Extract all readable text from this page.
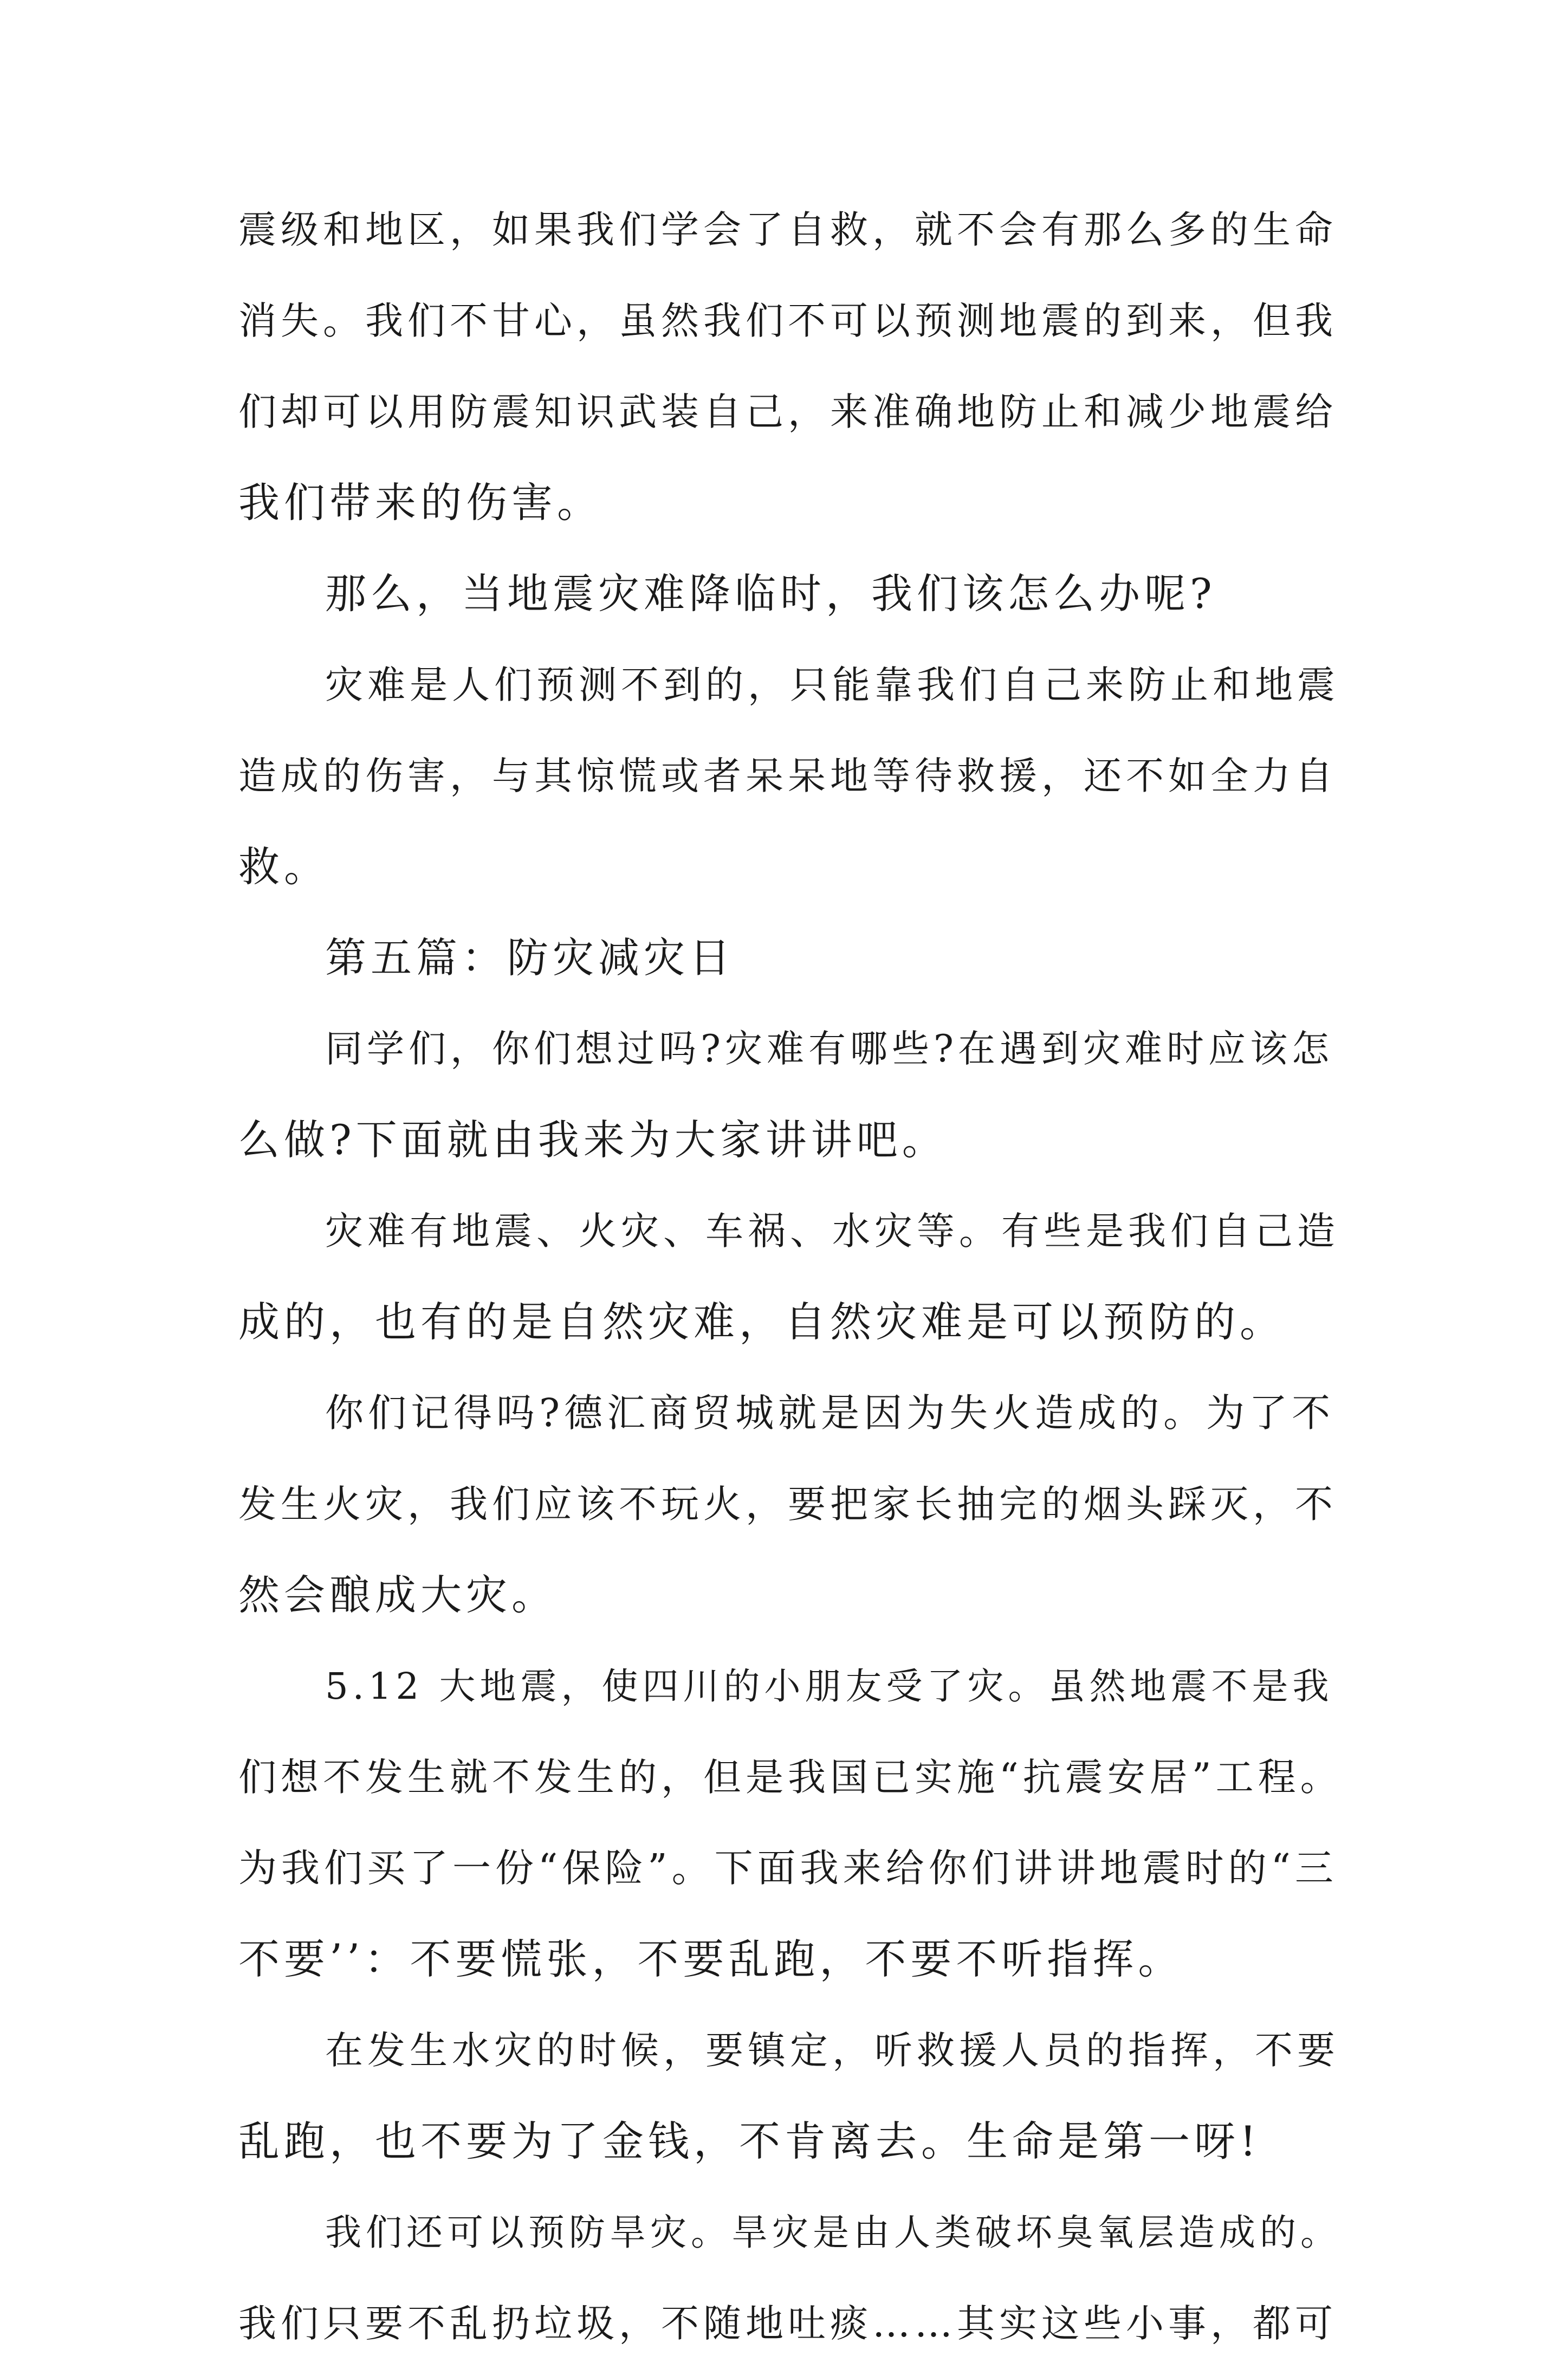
震级和地区，如果我们学会了自救，就不会有那么多的生命
消失。我们不甘心，虽然我们不可以预测地震的到来，但我
们却可以用防震知识武装自己，来准确地防止和减少地震给
我们带来的伤害。
那么，当地震灾难降临时，我们该怎么办呢?
灾难是人们预测不到的，只能靠我们自己来防止和地震
造成的伤害，与其惊慌或者呆呆地等待救援，还不如全力自
救。
第五篇：防灾减灾日
同学们，你们想过吗?灾难有哪些?在遇到灾难时应该怎
么做?下面就由我来为大家讲讲吧。
灾难有地震、火灾、车祸、水灾等。有些是我们自己造
成的，也有的是自然灾难，自然灾难是可以预防的。
你们记得吗?德汇商贸城就是因为失火造成的。为了不
发生火灾，我们应该不玩火，要把家长抽完的烟头踩灭，不
然会酿成大灾。
5.12 大地震，使四川的小朋友受了灾。虽然地震不是我
们想不发生就不发生的，但是我国已实施“抗震安居”工程。
为我们买了一份“保险”。下面我来给你们讲讲地震时的“三
不要’’：不要慌张，不要乱跑，不要不听指挥。
在发生水灾的时候，要镇定，听救援人员的指挥，不要
乱跑，也不要为了金钱，不肯离去。生命是第一呀!
我们还可以预防旱灾。旱灾是由人类破坏臭氧层造成的。
我们只要不乱扔垃圾，不随地吐痰……其实这些小事，都可
